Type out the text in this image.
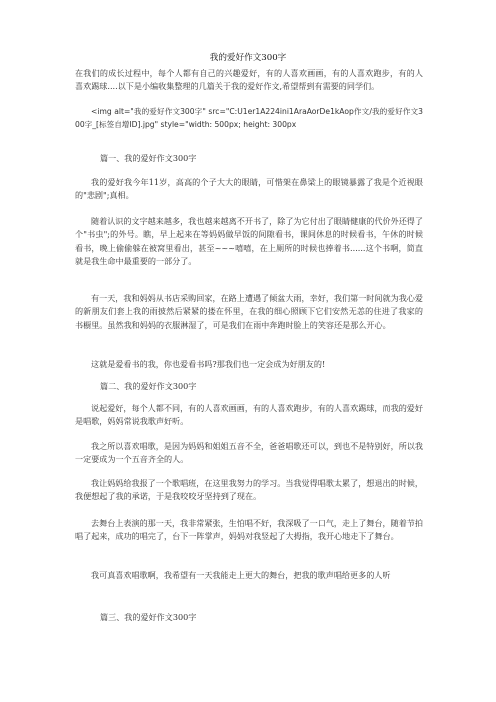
我的爱好作文300字
在我们的成长过程中，每个人都有自己的兴趣爱好，有的人喜欢画画，有的人喜欢跑步，有的人喜欢踢球....以下是小编收集整理的几篇关于我的爱好作文,希望帮到有需要的同学们。
<img alt="我的爱好作文300字" src="C:U1er1A224ini1AraAorDe1kAop作文/我的爱好作文300字_[标签自增ID].jpg" style="width: 500px; height: 300px
篇一、我的爱好作文300字
我的爱好我今年11岁，高高的个子大大的眼睛，可惜架在鼻梁上的眼镜暴露了我是个近视眼的"悲剧";真相。
随着认识的文字越来越多，我也越来越离不开书了，除了为它付出了眼睛健康的代价外还得了个"书虫";的外号。瞧，早上起来在等妈妈做早饭的间隙看书，课间休息的时候看书，午休的时候看书，晚上偷偷躲在被窝里看出，甚至~~~嘻嘻，在上厕所的时候也捧着书......这个书啊，简直就是我生命中最重要的一部分了。
有一天，我和妈妈从书店采购回家，在路上遭遇了倾盆大雨，幸好，我们第一时间就为我心爱的新朋友们套上我的雨披然后紧紧的搂在怀里，在我的细心照顾下它们安然无恙的住进了我家的书橱里。虽然我和妈妈的衣服淋湿了，可是我们在雨中奔跑时脸上的笑容还是那么开心。
这就是爱看书的我，你也爱看书吗?那我们也一定会成为好朋友的!
篇二、我的爱好作文300字
说起爱好，每个人都不同，有的人喜欢画画，有的人喜欢跑步，有的人喜欢踢球，而我的爱好是唱歌，妈妈常说我歌声好听。
我之所以喜欢唱歌，是因为妈妈和姐姐五音不全，爸爸唱歌还可以，到也不是特别好，所以我一定要成为一个五音齐全的人。
我让妈妈给我报了一个歌唱班，在这里我努力的学习。当我觉得唱歌太累了，想退出的时候，我便想起了我的承诺，于是我咬咬牙坚持到了现在。
去舞台上表演的那一天，我非常紧张，生怕唱不好，我深吸了一口气，走上了舞台，随着节拍唱了起来，成功的唱完了，台下一阵掌声，妈妈对我竖起了大拇指，我开心地走下了舞台。
我可真喜欢唱歌啊，我希望有一天我能走上更大的舞台，把我的歌声唱给更多的人听
篇三、我的爱好作文300字
